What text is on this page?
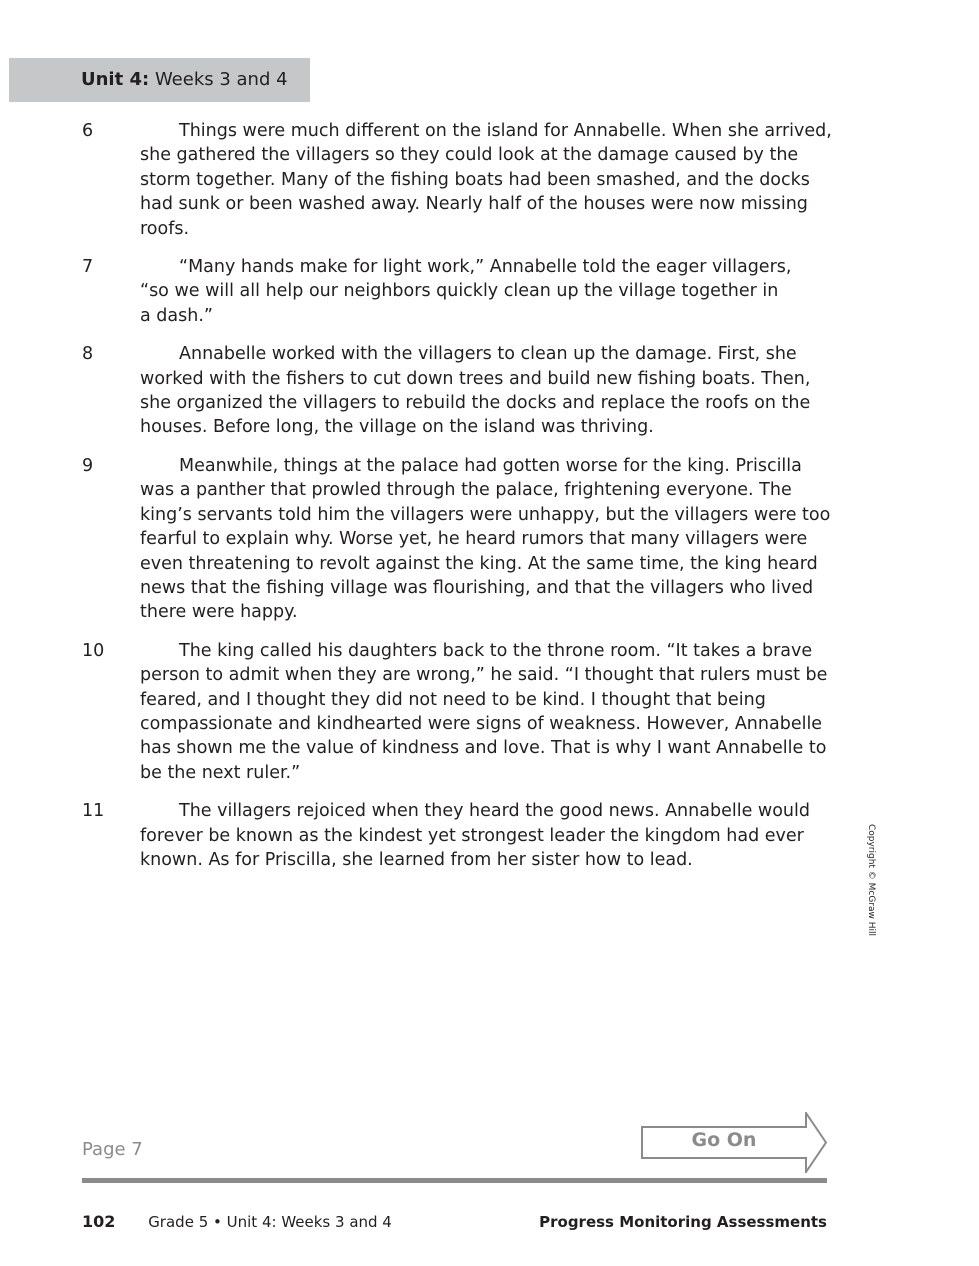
Unit 4: Weeks 3 and 4
6	Things were much different on the island for Annabelle. When she arrived, she gathered the villagers so they could look at the damage caused by the storm together. Many of the fishing boats had been smashed, and the docks had sunk or been washed away. Nearly half of the houses were now missing roofs.
7	“Many hands make for light work,” Annabelle told the eager villagers,
“so we will all help our neighbors quickly clean up the village together in
a dash.”
8	Annabelle worked with the villagers to clean up the damage. First, she worked with the fishers to cut down trees and build new fishing boats. Then, she organized the villagers to rebuild the docks and replace the roofs on the houses. Before long, the village on the island was thriving.
9	Meanwhile, things at the palace had gotten worse for the king. Priscilla was a panther that prowled through the palace, frightening everyone. The king’s servants told him the villagers were unhappy, but the villagers were too fearful to explain why. Worse yet, he heard rumors that many villagers were even threatening to revolt against the king. At the same time, the king heard news that the fishing village was flourishing, and that the villagers who lived there were happy.
10	The king called his daughters back to the throne room. “It takes a brave person to admit when they are wrong,” he said. “I thought that rulers must be feared, and I thought they did not need to be kind. I thought that being compassionate and kindhearted were signs of weakness. However, Annabelle has shown me the value of kindness and love. That is why I want Annabelle to be the next ruler.”
11	The villagers rejoiced when they heard the good news. Annabelle would forever be known as the kindest yet strongest leader the kingdom had ever known. As for Priscilla, she learned from her sister how to lead.	Copyright © McGraw Hill
Page 7	Go On
102 Grade 5 • Unit 4: Weeks 3 and 4	Progress Monitoring Assessments
